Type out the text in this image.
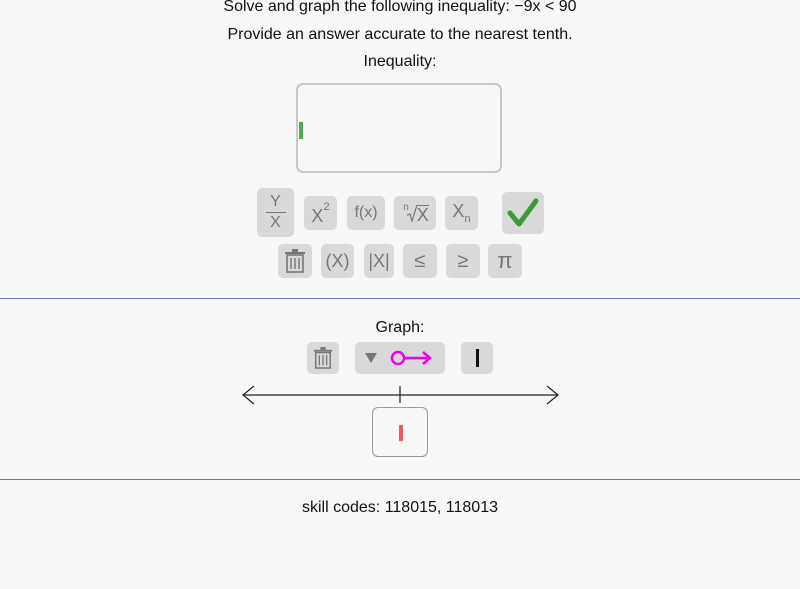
Solve and graph the following inequality: −9x < 90
Provide an answer accurate to the nearest tenth.
Inequality:
Y
X X 2	f(x)	n X X n
(X) |X|	≤	≥	π
Graph:
skill codes: 118015, 118013
